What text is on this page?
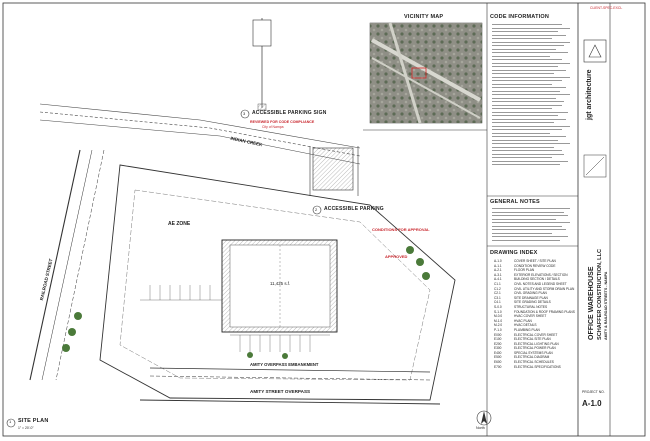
CLIENT-SPEC-EXCL
VICINITY MAP	CODE INFORMATION
GENERAL NOTES
DRAWING INDEX
A-1.0	COVER SHEET / SITE PLAN
A-1.1	CONDITION REVIEW CODE
A-2.1	FLOOR PLAN
A-3.1	EXTERIOR ELEVATIONS / SECTION
A-4.1	BUILDING SECTION / DETAILS
C1.1	CIVIL NOTES AND LEGEND SHEET
C1.2	CIVIL UTILITY AND STORM DRAIN PLAN
C2.1	CIVIL GRADING PLAN
C3.1	SITE DRAINAGE PLAN
C4.1	SITE GRADING DETAILS
S-0.0	STRUCTURAL NOTES
S-1.0	FOUNDATION & ROOF FRAMING PLANS
M-0.0	HVAC COVER SHEET
M-1.0	HVAC PLAN
M-2.0	HVAC DETAILS
P-1.0	PLUMBING PLAN
E000	ELECTRICAL COVER SHEET
E100	ELECTRICAL SITE PLAN
E200	ELECTRICAL LIGHTING PLAN
E300	ELECTRICAL POWER PLAN
E400	SPECIAL SYSTEMS PLAN
E500	ELECTRICAL DIAGRAM
E600	ELECTRICAL SCHEDULES
E700	ELECTRICAL SPECIFICATIONS
3 ACCESSIBLE PARKING SIGN
REVIEWED FOR CODE COMPLIANCE
City of Nampa
2 ACCESSIBLE PARKING
CONDITIONS FOR APPROVAL
APPROVED
AE ZONE
INDIAN CREEK
RAILROAD STREET
AMITY OVERPASS EMBANKMENT
AMITY STREET OVERPASS
11,425 s.f.
North
1 SITE PLAN
1" = 20'-0"
jgt architecture
OFFICE WAREHOUSE SCHAFFER CONSTRUCTION, LLC AMITY & RAILROAD STREETS - NAMPA
PROJECT NO.
A-1.0
